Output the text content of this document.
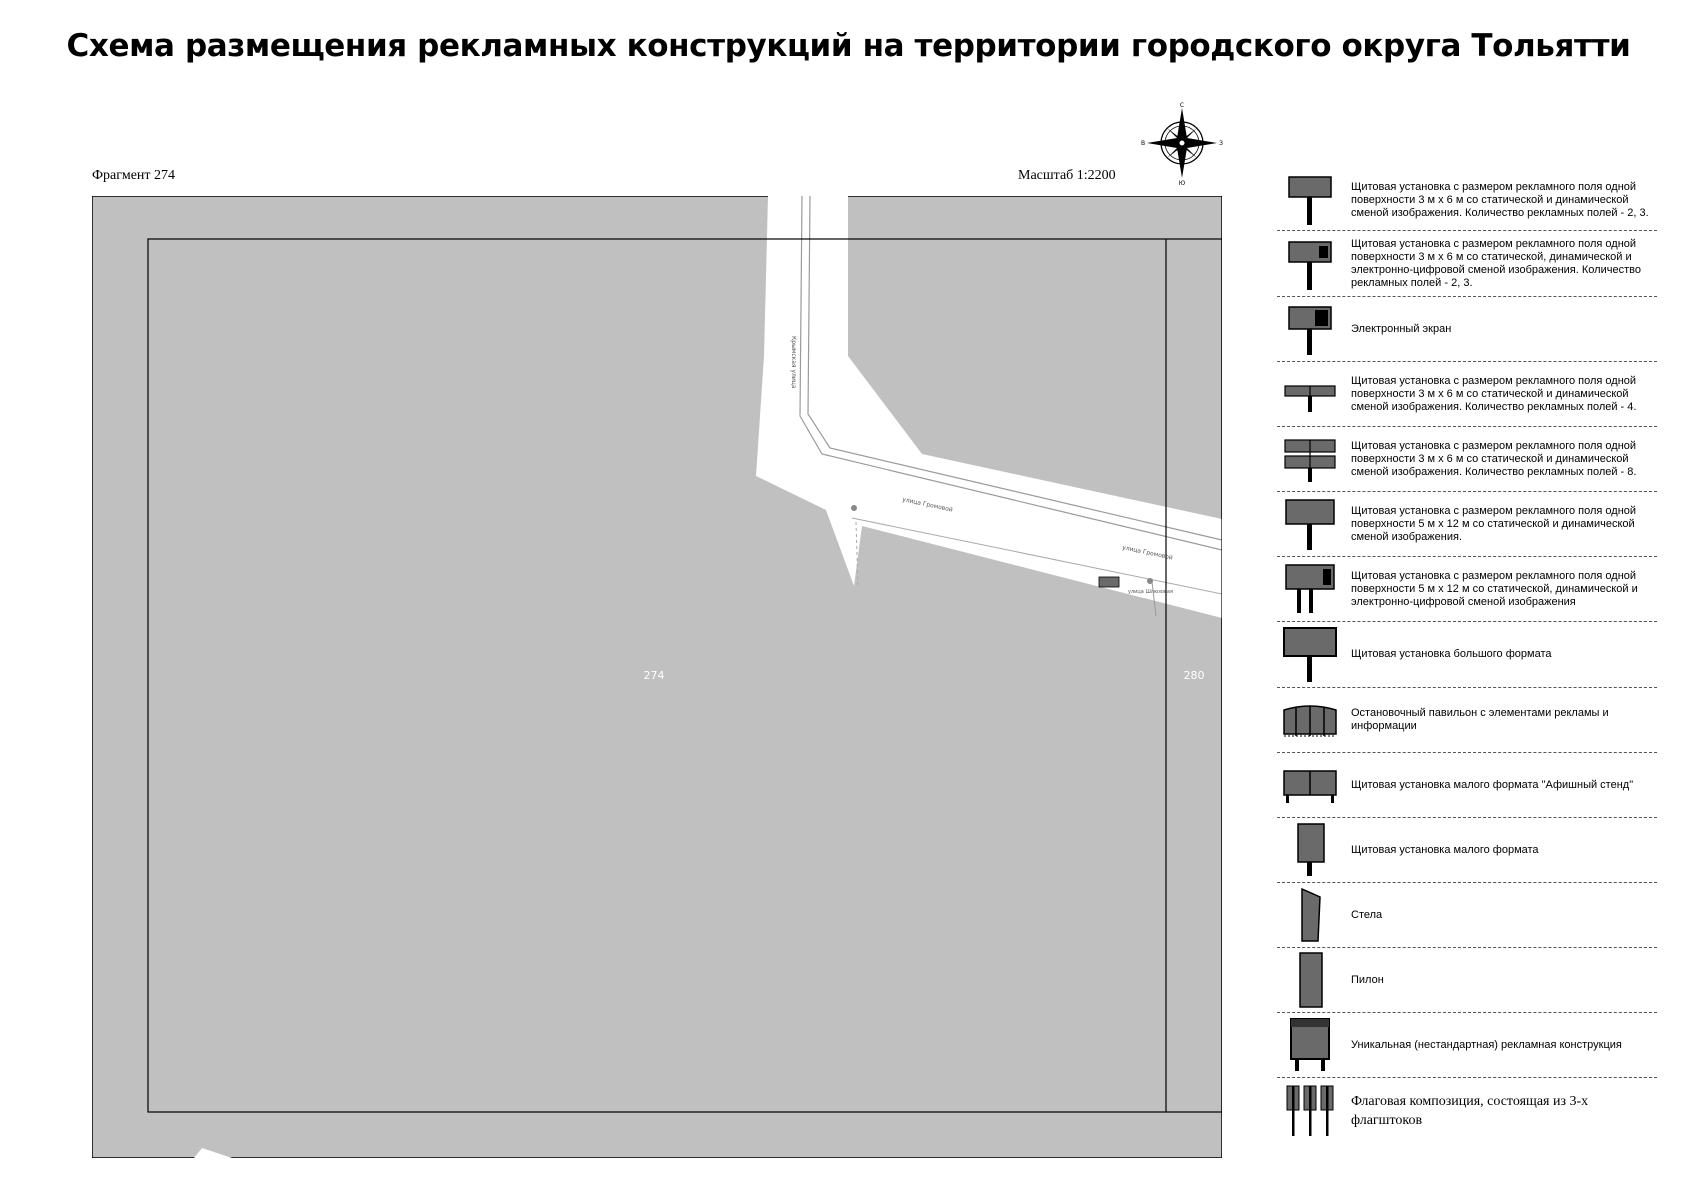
Схема размещения рекламных конструкций на территории городского округа Тольятти
Фрагмент 274	Масштаб 1:2200
С
Ю
В	З
Крымская улица
улица Громовой
улица Громовой
улица Шлюзовая
274	280
Щитовая установка с размером рекламного поля одной поверхности 3 м х 6 м со статической и динамической сменой изображения. Количество рекламных полей - 2, 3.
Щитовая установка с размером рекламного поля одной поверхности 3 м х 6 м со статической, динамической и электронно-цифровой сменой изображения. Количество рекламных полей - 2, 3.
Электронный экран
Щитовая установка с размером рекламного поля одной поверхности 3 м х 6 м со статической и динамической сменой изображения. Количество рекламных полей - 4.
Щитовая установка с размером рекламного поля одной поверхности 3 м х 6 м со статической и динамической сменой изображения. Количество рекламных полей - 8.
Щитовая установка с размером рекламного поля одной поверхности 5 м х 12 м со статической и динамической сменой изображения.
Щитовая установка с размером рекламного поля одной поверхности 5 м х 12 м со статической, динамической и электронно-цифровой сменой изображения
Щитовая установка большого формата
Остановочный павильон с элементами рекламы и информации
Щитовая установка малого формата "Афишный стенд"
Щитовая установка малого формата
Стела
Пилон
Уникальная (нестандартная) рекламная конструкция
Флаговая композиция, состоящая из 3-х флагштоков
